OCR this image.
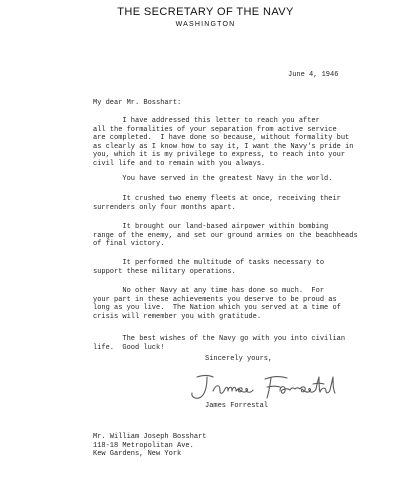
THE SECRETARY OF THE NAVY
WASHINGTON

June 4, 1946

My dear Mr. Bosshart:

I have addressed this letter to reach you after
all the formalities of your separation from active service
are completed.  I have done so because, without formality but
as clearly as I know how to say it, I want the Navy's pride in
you, which it is my privilege to express, to reach into your
civil life and to remain with you always.

You have served in the greatest Navy in the world.

It crushed two enemy fleets at once, receiving their
surrenders only four months apart.

It brought our land-based airpower within bombing
range of the enemy, and set our ground armies on the beachheads
of final victory.

It performed the multitude of tasks necessary to
support these military operations.

No other Navy at any time has done so much.  For
your part in these achievements you deserve to be proud as
long as you live.  The Nation which you served at a time of
crisis will remember you with gratitude.

The best wishes of the Navy go with you into civilian
life.  Good luck!

Sincerely yours,

James Forrestal

Mr. William Joseph Bosshart
118-18 Metropolitan Ave.
Kew Gardens, New York
